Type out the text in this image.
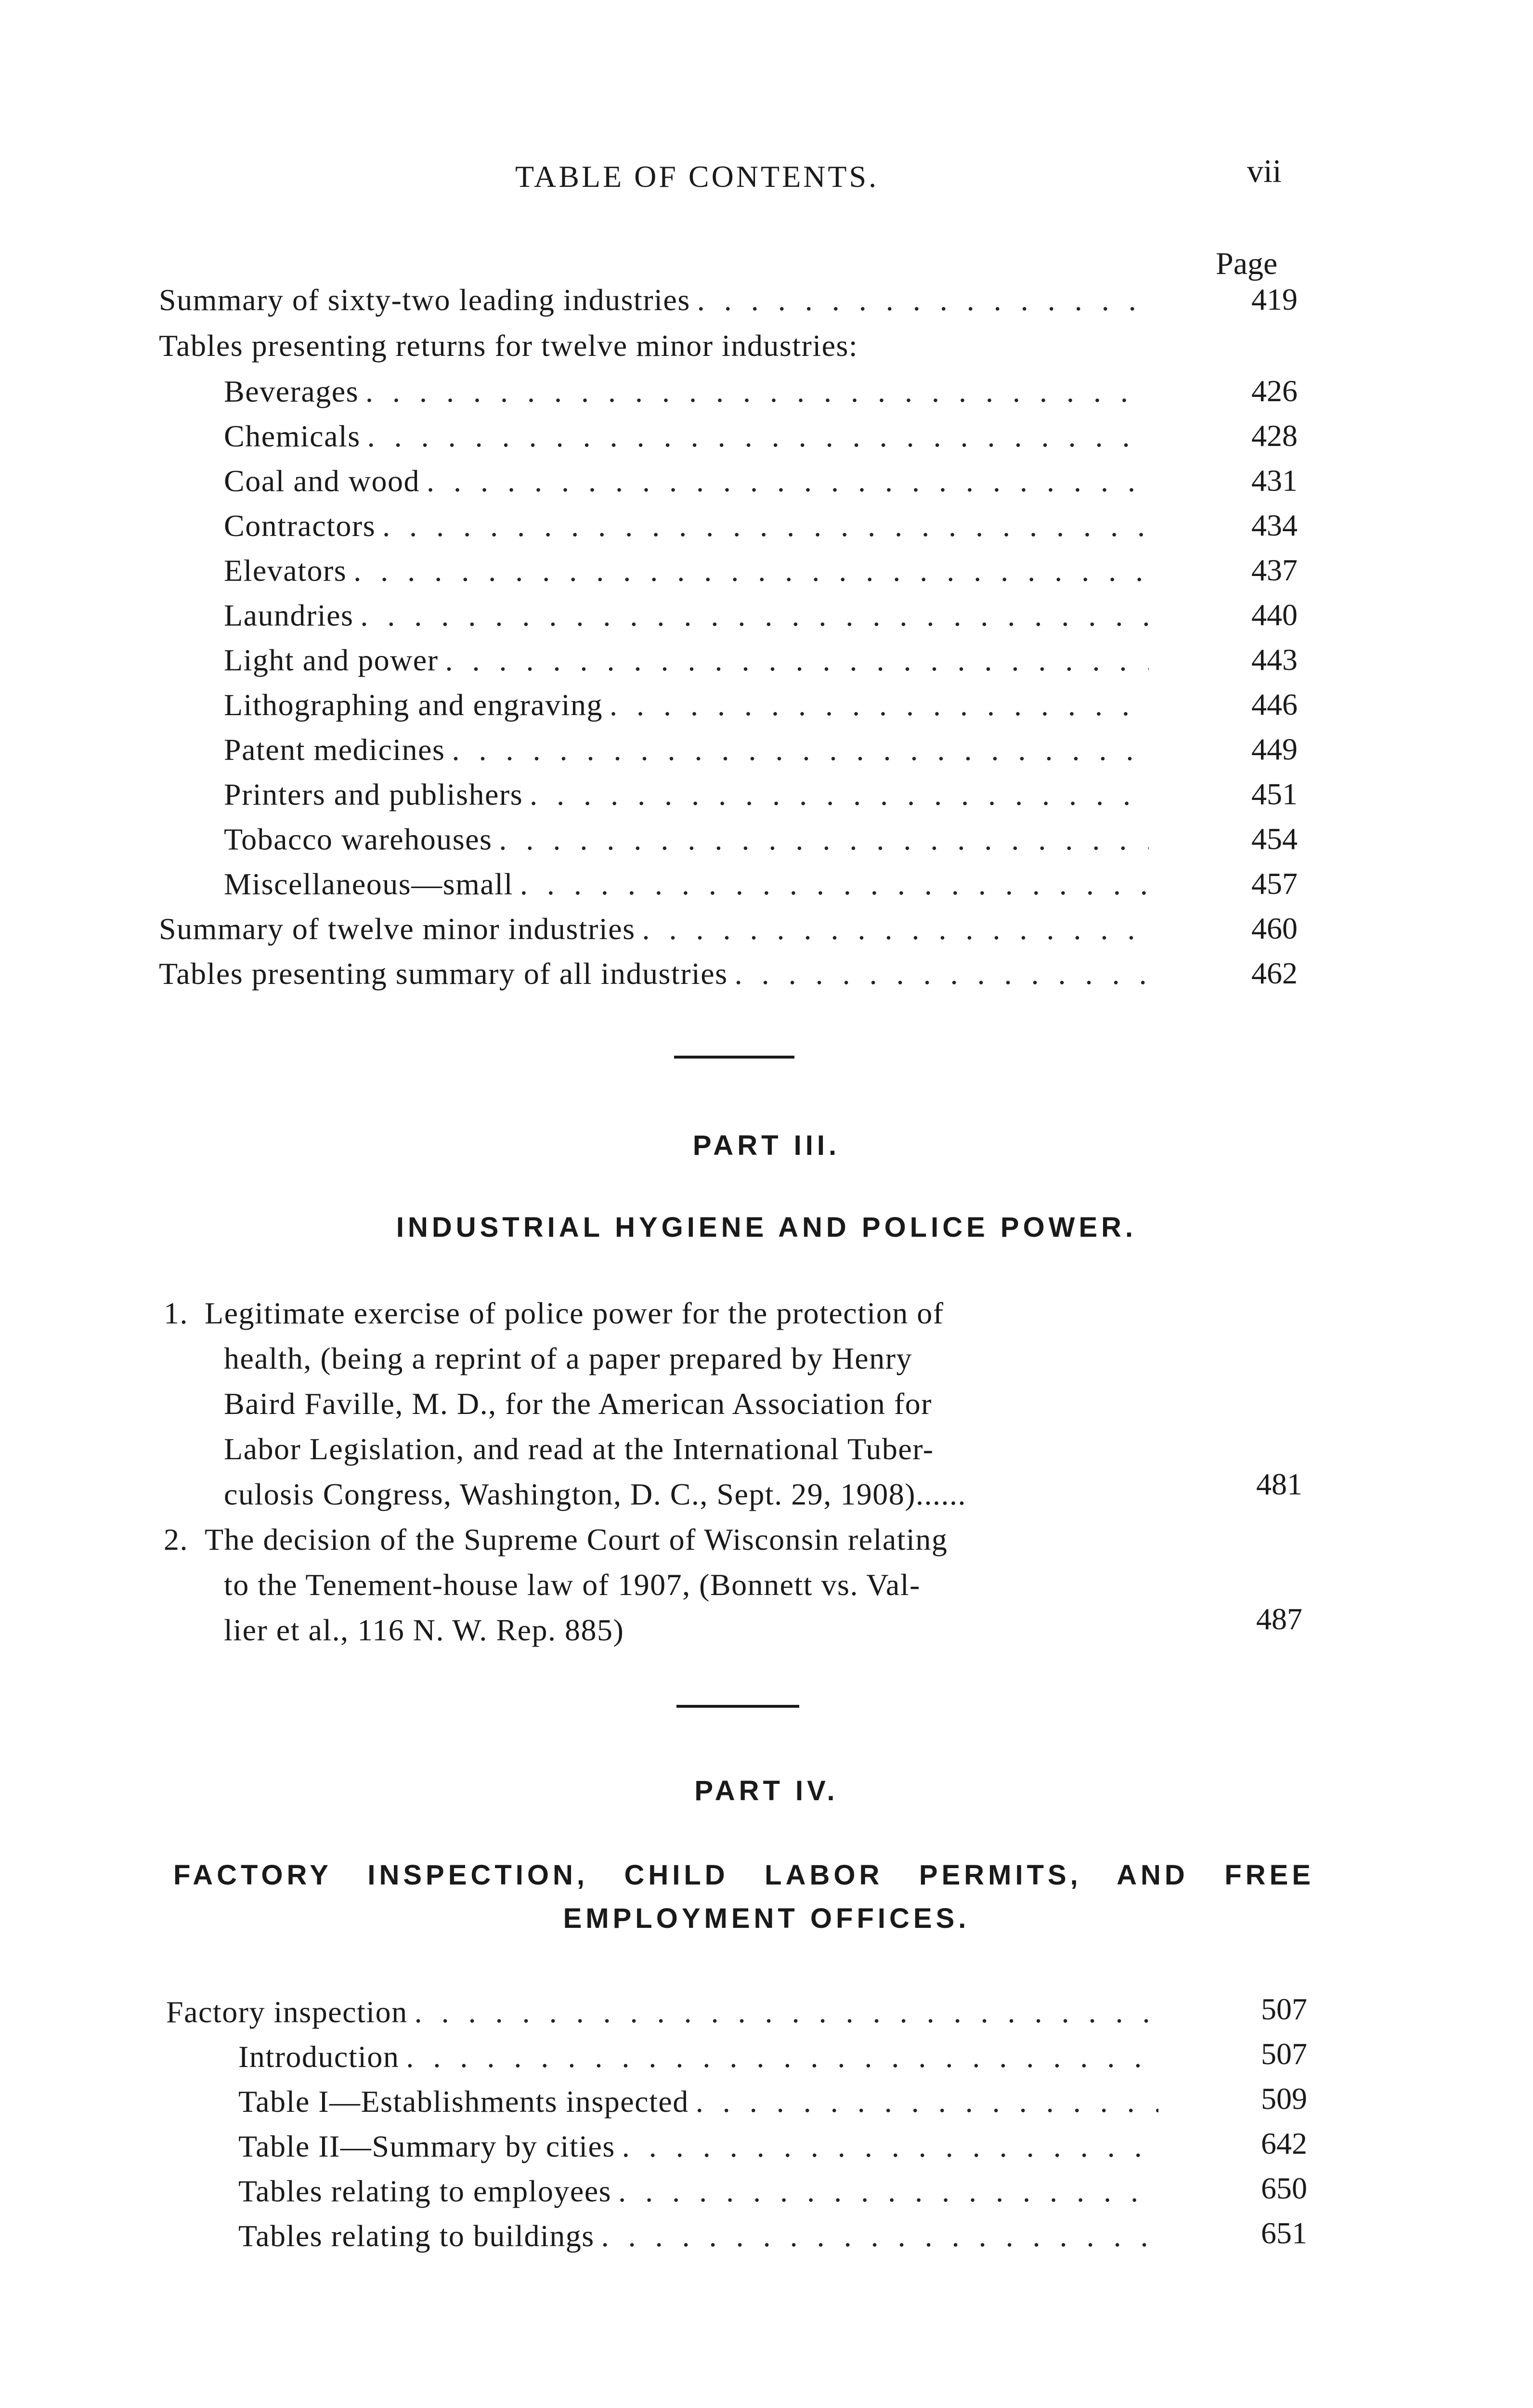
TABLE OF CONTENTS.	vii
Page
Summary of sixty-two leading industries . . .	419
Tables presenting returns for twelve minor industries:
Beverages . . .	426
Chemicals . . .	428
Coal and wood . . .	431
Contractors . . .	434
Elevators . . .	437
Laundries . . .	440
Light and power . . .	443
Lithographing and engraving . . .	446
Patent medicines . . .	449
Printers and publishers . . .	451
Tobacco warehouses . . .	454
Miscellaneous—small . . .	457
Summary of twelve minor industries . . .	460
Tables presenting summary of all industries . . .	462
PART III.
INDUSTRIAL HYGIENE AND POLICE POWER.
1. Legitimate exercise of police power for the protection of
health, (being a reprint of a paper prepared by Henry
Baird Faville, M. D., for the American Association for
Labor Legislation, and read at the International Tuber-
culosis Congress, Washington, D. C., Sept. 29, 1908)......	481
2. The decision of the Supreme Court of Wisconsin relating
to the Tenement-house law of 1907, (Bonnett vs. Val-
lier et al., 116 N. W. Rep. 885)	487
PART IV.
FACTORY INSPECTION, CHILD LABOR PERMITS, AND FREE
EMPLOYMENT OFFICES.
Factory inspection . . .	507
Introduction . . .	507
Table I—Establishments inspected . . .	509
Table II—Summary by cities . . .	642
Tables relating to employees . . .	650
Tables relating to buildings . . .	651
